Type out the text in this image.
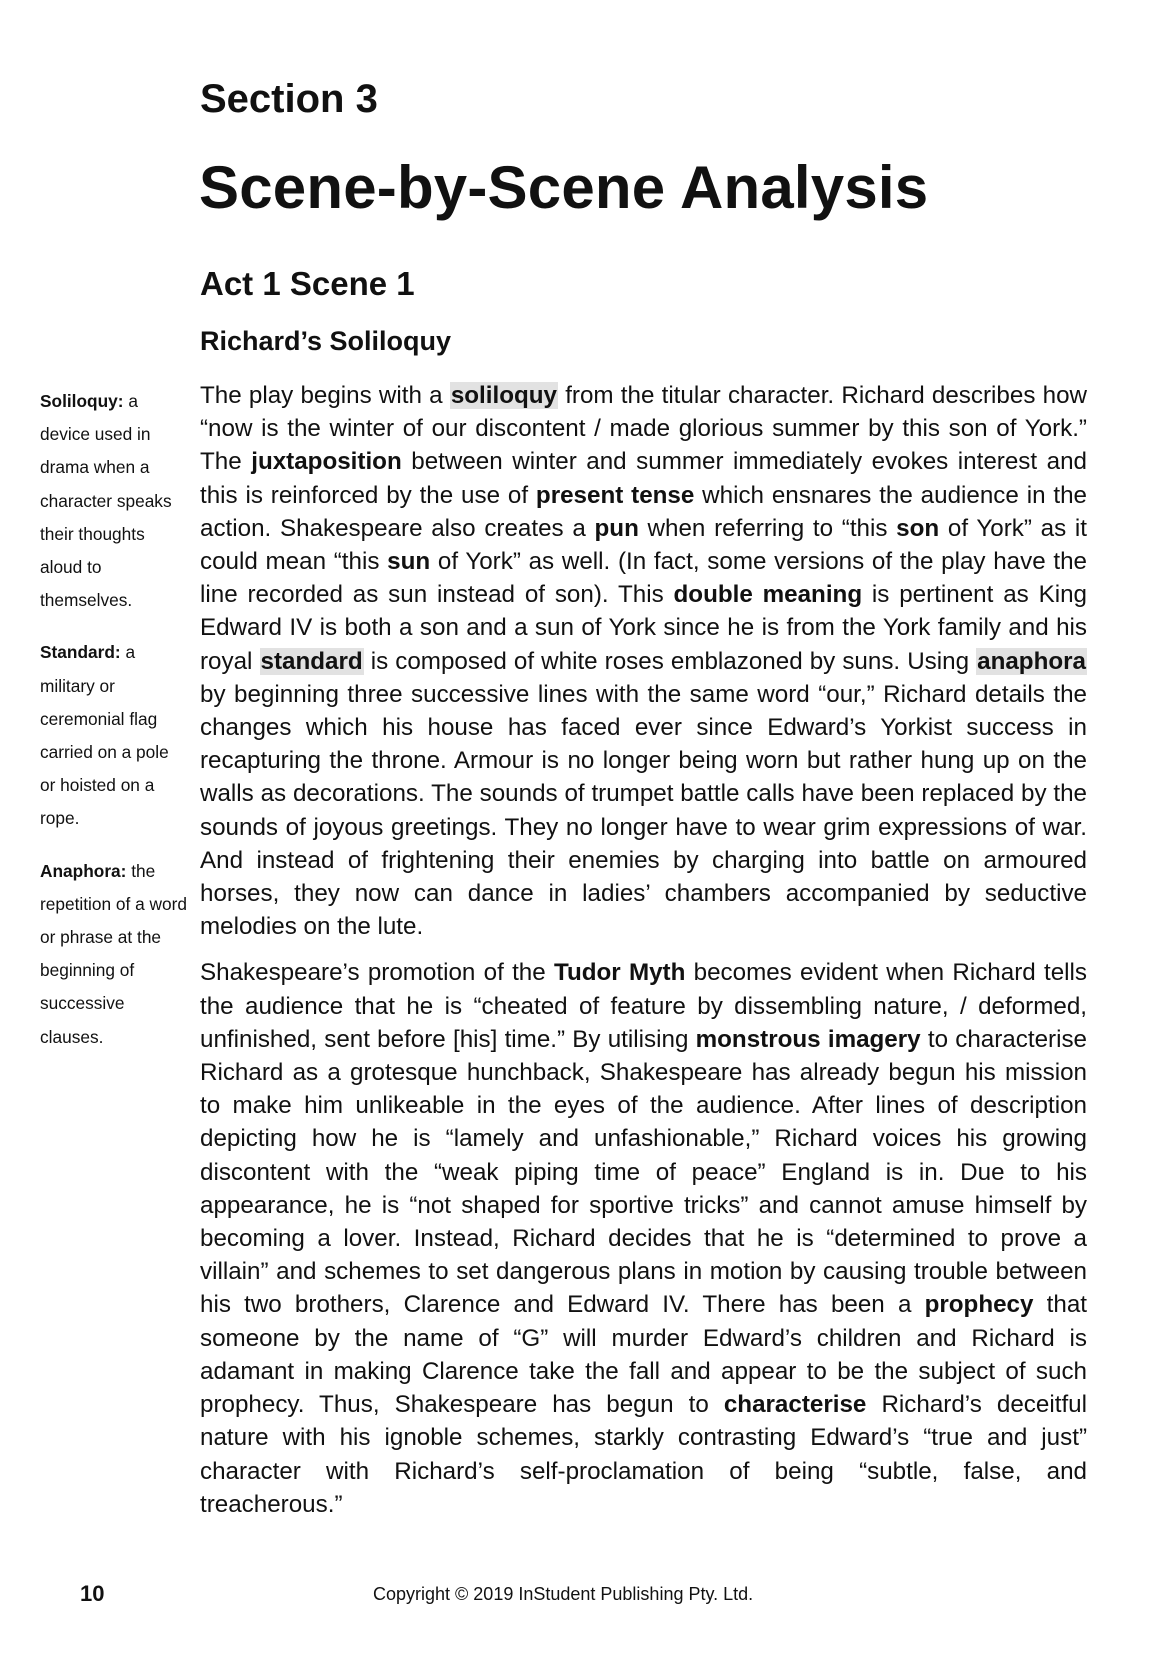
Section 3
Scene-by-Scene Analysis
Act 1 Scene 1
Richard’s Soliloquy

Soliloquy: a device used in drama when a character speaks their thoughts aloud to themselves.

Standard: a military or ceremonial flag carried on a pole or hoisted on a rope.

Anaphora: the repetition of a word or phrase at the beginning of successive clauses.

The play begins with a soliloquy from the titular character. Richard describes how “now is the winter of our discontent / made glorious summer by this son of York.” The juxtaposition between winter and summer immediately evokes interest and this is reinforced by the use of present tense which ensnares the audience in the action. Shakespeare also creates a pun when referring to “this son of York” as it could mean “this sun of York” as well. (In fact, some versions of the play have the line recorded as sun instead of son). This double meaning is pertinent as King Edward IV is both a son and a sun of York since he is from the York family and his royal standard is composed of white roses emblazoned by suns. Using anaphora by beginning three successive lines with the same word “our,” Richard details the changes which his house has faced ever since Edward’s Yorkist success in recapturing the throne. Armour is no longer being worn but rather hung up on the walls as decorations. The sounds of trumpet battle calls have been replaced by the sounds of joyous greetings. They no longer have to wear grim expressions of war. And instead of frightening their enemies by charging into battle on armoured horses, they now can dance in ladies’ chambers accompanied by seductive melodies on the lute.

Shakespeare’s promotion of the Tudor Myth becomes evident when Richard tells the audience that he is “cheated of feature by dissembling nature, / deformed, unfinished, sent before [his] time.” By utilising monstrous imagery to characterise Richard as a grotesque hunchback, Shakespeare has already begun his mission to make him unlikeable in the eyes of the audience. After lines of description depicting how he is “lamely and unfashionable,” Richard voices his growing discontent with the “weak piping time of peace” England is in. Due to his appearance, he is “not shaped for sportive tricks” and cannot amuse himself by becoming a lover. Instead, Richard decides that he is “determined to prove a villain” and schemes to set dangerous plans in motion by causing trouble between his two brothers, Clarence and Edward IV. There has been a prophecy that someone by the name of “G” will murder Edward’s children and Richard is adamant in making Clarence take the fall and appear to be the subject of such prophecy. Thus, Shakespeare has begun to characterise Richard’s deceitful nature with his ignoble schemes, starkly contrasting Edward’s “true and just” character with Richard’s self-proclamation of being “subtle, false, and treacherous.”

10	Copyright © 2019 InStudent Publishing Pty. Ltd.
